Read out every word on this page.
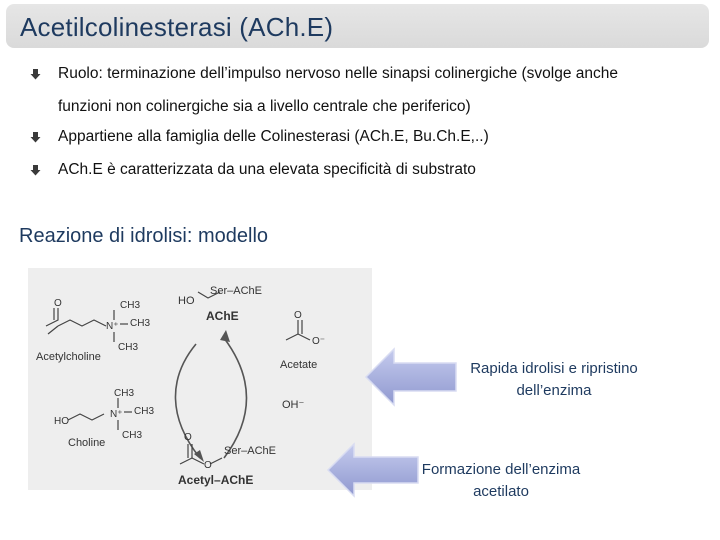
Acetilcolinesterasi (ACh.E)
Ruolo: terminazione dell’impulso nervoso nelle sinapsi colinergiche (svolge anche
funzioni non colinergiche sia a livello centrale che periferico)
Appartiene alla famiglia delle Colinesterasi (ACh.E, Bu.Ch.E,..)
ACh.E è caratterizzata da una elevata specificità di substrato
Reazione di idrolisi: modello
Ser–AChE
HO
AChE
O
N⁺
CH3
CH3
CH3
Acetylcholine
O
O⁻
Acetate
OH⁻
HO
N⁺
CH3
CH3
CH3
Choline	O
O
Ser–AChE
Acetyl–AChE
Rapida idrolisi e ripristino
dell’enzima
Formazione dell’enzima
acetilato
